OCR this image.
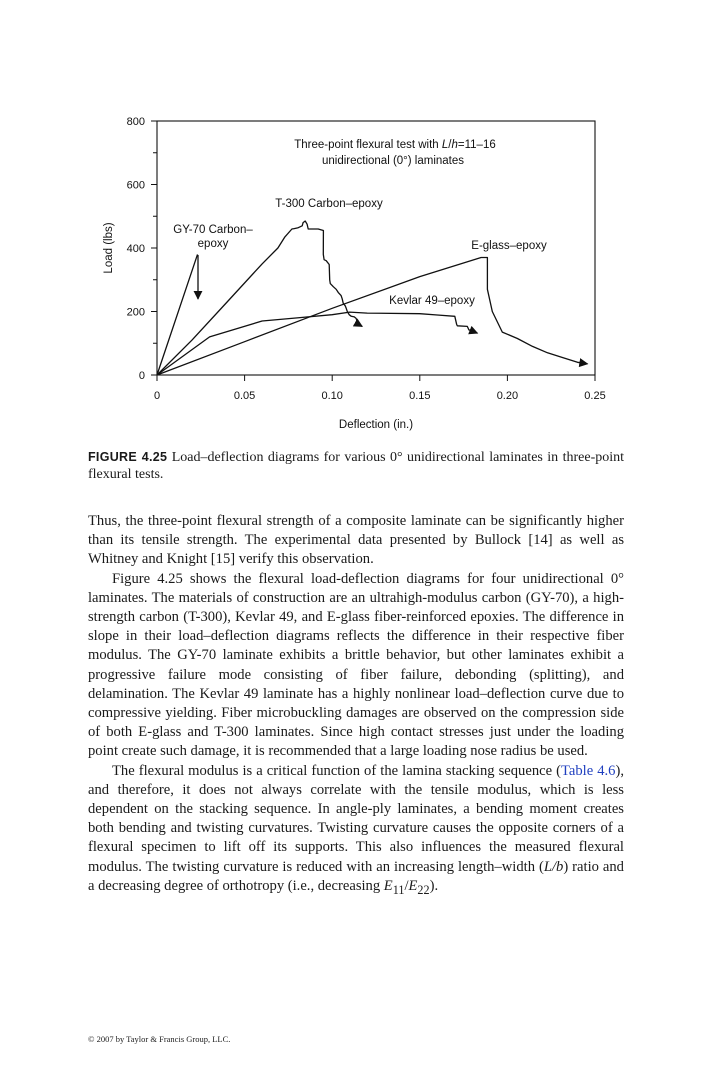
0
200
400
600
800
0	0.05	0.10	0.15	0.20	0.25
Load (lbs)
Deflection (in.)
Three-point flexural test with L/h=11–16
unidirectional (0°) laminates
GY-70 Carbon–
epoxy
T-300 Carbon–epoxy
Kevlar 49–epoxy
E-glass–epoxy
FIGURE 4.25 Load–deflection diagrams for various 0° unidirectional laminates in three-point flexural tests.

Thus, the three-point flexural strength of a composite laminate can be significantly higher than its tensile strength. The experimental data presented by Bullock [14] as well as Whitney and Knight [15] verify this observation.

Figure 4.25 shows the flexural load-deflection diagrams for four unidirectional 0° laminates. The materials of construction are an ultrahigh-modulus carbon (GY-70), a high-strength carbon (T-300), Kevlar 49, and E-glass fiber-reinforced epoxies. The difference in slope in their load–deflection diagrams reflects the difference in their respective fiber modulus. The GY-70 laminate exhibits a brittle behavior, but other laminates exhibit a progressive failure mode consisting of fiber failure, debonding (splitting), and delamination. The Kevlar 49 laminate has a highly nonlinear load–deflection curve due to compressive yielding. Fiber microbuckling damages are observed on the compression side of both E-glass and T-300 laminates. Since high contact stresses just under the loading point create such damage, it is recommended that a large loading nose radius be used.

The flexural modulus is a critical function of the lamina stacking sequence (Table 4.6), and therefore, it does not always correlate with the tensile modulus, which is less dependent on the stacking sequence. In angle-ply laminates, a bending moment creates both bending and twisting curvatures. Twisting curvature causes the opposite corners of a flexural specimen to lift off its supports. This also influences the measured flexural modulus. The twisting curvature is reduced with an increasing length–width (L/b) ratio and a decreasing degree of orthotropy (i.e., decreasing $E_{11}/E_{22}$).

© 2007 by Taylor & Francis Group, LLC.
